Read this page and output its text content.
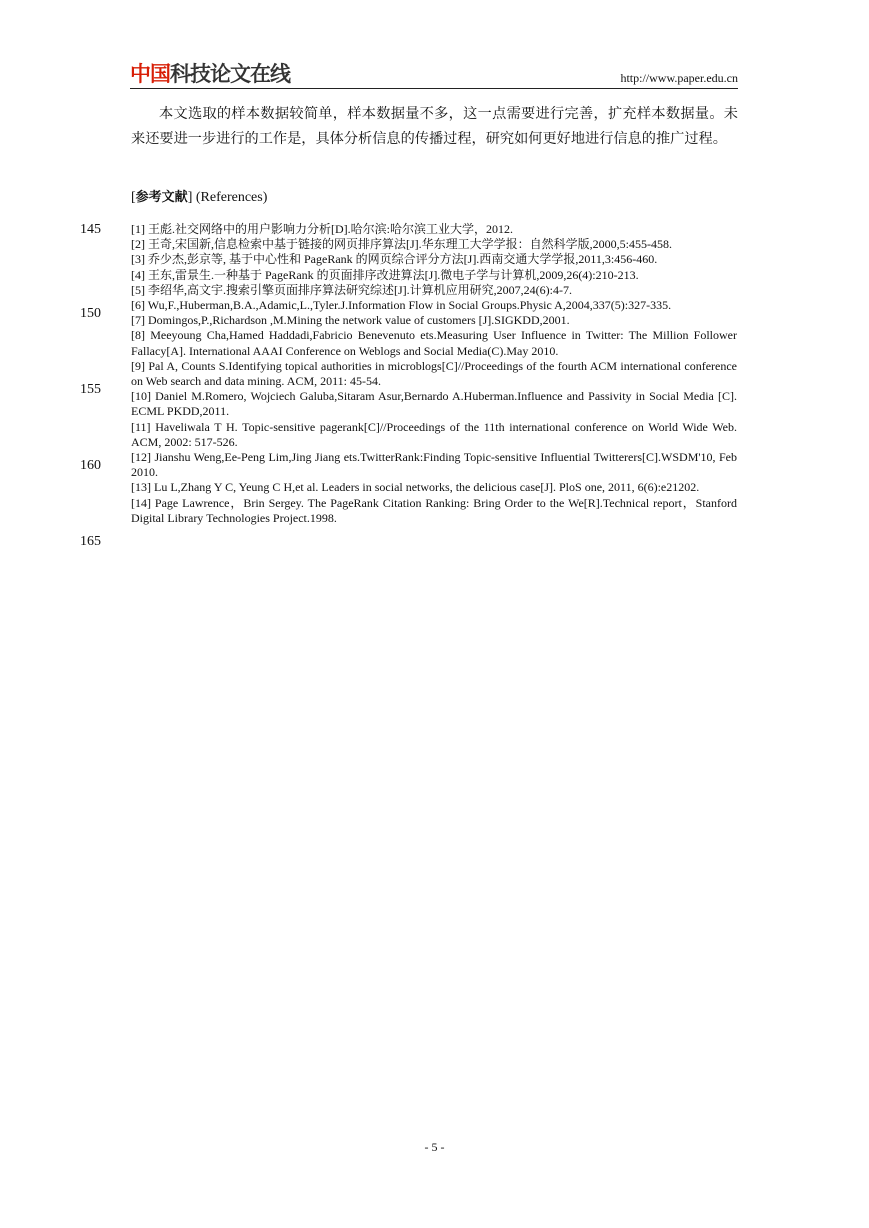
中国科技论文在线	http://www.paper.edu.cn

本文选取的样本数据较简单，样本数据量不多，这一点需要进行完善，扩充样本数据量。未来还要进一步进行的工作是，具体分析信息的传播过程，研究如何更好地进行信息的推广过程。

[参考文献] (References)
145
150
155
160
165

[1] 王彪.社交网络中的用户影响力分析[D].哈尔滨:哈尔滨工业大学，2012.

[2] 王奇,宋国新,信息检索中基于链接的网页排序算法[J].华东理工大学学报：自然科学版,2000,5:455-458.

[3] 乔少杰,彭京等, 基于中心性和 PageRank 的网页综合评分方法[J].西南交通大学学报,2011,3:456-460.

[4] 王东,雷景生.一种基于 PageRank 的页面排序改进算法[J].微电子学与计算机,2009,26(4):210-213.

[5] 李绍华,高文宇.搜索引擎页面排序算法研究综述[J].计算机应用研究,2007,24(6):4-7.

[6] Wu,F.,Huberman,B.A.,Adamic,L.,Tyler.J.Information Flow in Social Groups.Physic A,2004,337(5):327-335.

[7] Domingos,P.,Richardson ,M.Mining the network value of customers [J].SIGKDD,2001.

[8] Meeyoung Cha,Hamed Haddadi,Fabricio Benevenuto ets.Measuring User Influence in Twitter: The Million Follower Fallacy[A]. International AAAI Conference on Weblogs and Social Media(C).May 2010.

[9] Pal A, Counts S.Identifying topical authorities in microblogs[C]//Proceedings of the fourth ACM international conference on Web search and data mining. ACM, 2011: 45-54.

[10] Daniel M.Romero, Wojciech Galuba,Sitaram Asur,Bernardo A.Huberman.Influence and Passivity in Social Media [C]. ECML PKDD,2011.

[11] Haveliwala T H. Topic-sensitive pagerank[C]//Proceedings of the 11th international conference on World Wide Web. ACM, 2002: 517-526.

[12] Jianshu Weng,Ee-Peng Lim,Jing Jiang ets.TwitterRank:Finding Topic-sensitive Influential Twitterers[C].WSDM'10, Feb 2010.

[13] Lu L,Zhang Y C, Yeung C H,et al. Leaders in social networks, the delicious case[J]. PloS one, 2011, 6(6):e21202.

[14] Page Lawrence，Brin Sergey. The PageRank Citation Ranking: Bring Order to the We[R].Technical report，Stanford Digital Library Technologies Project.1998.

- 5 -
